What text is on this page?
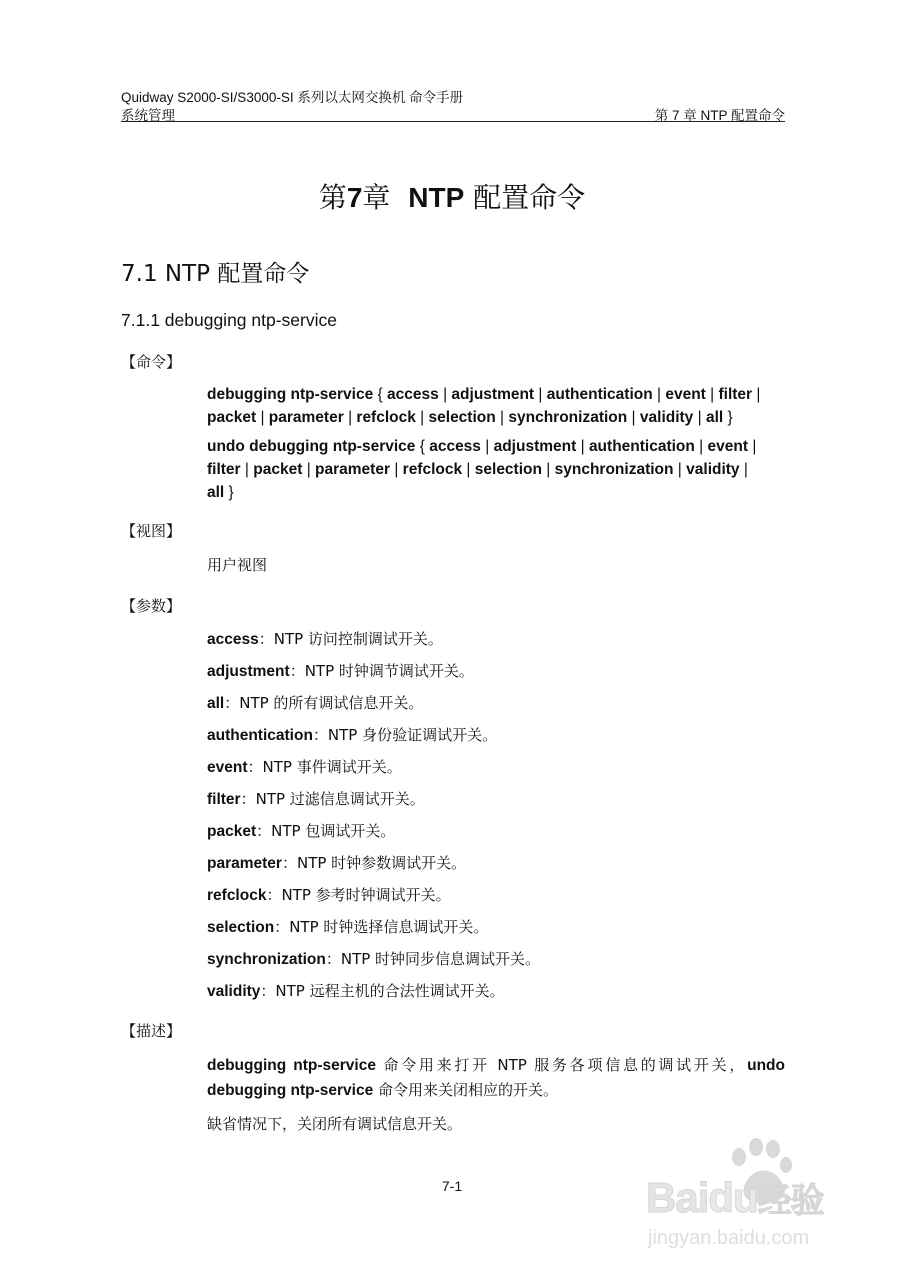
Quidway S2000-SI/S3000-SI 系列以太网交换机 命令手册
系统管理	第 7 章 NTP 配置命令
第7章 NTP 配置命令
7.1 NTP 配置命令
7.1.1 debugging ntp-service
【命令】
debugging ntp-service { access | adjustment | authentication | event | filter |
packet | parameter | refclock | selection | synchronization | validity | all }
undo debugging ntp-service { access | adjustment | authentication | event |
filter | packet | parameter | refclock | selection | synchronization | validity |
all }
【视图】
用户视图
【参数】
access：NTP 访问控制调试开关。
adjustment：NTP 时钟调节调试开关。
all：NTP 的所有调试信息开关。
authentication：NTP 身份验证调试开关。
event：NTP 事件调试开关。
filter：NTP 过滤信息调试开关。
packet：NTP 包调试开关。
parameter：NTP 时钟参数调试开关。
refclock：NTP 参考时钟调试开关。
selection：NTP 时钟选择信息调试开关。
synchronization：NTP 时钟同步信息调试开关。
validity：NTP 远程主机的合法性调试开关。
【描述】
debugging ntp-service 命令用来打开 NTP 服务各项信息的调试开关，undo debugging ntp-service 命令用来关闭相应的开关。
缺省情况下，关闭所有调试信息开关。
7-1	Baidu经验
jingyan.baidu.com
